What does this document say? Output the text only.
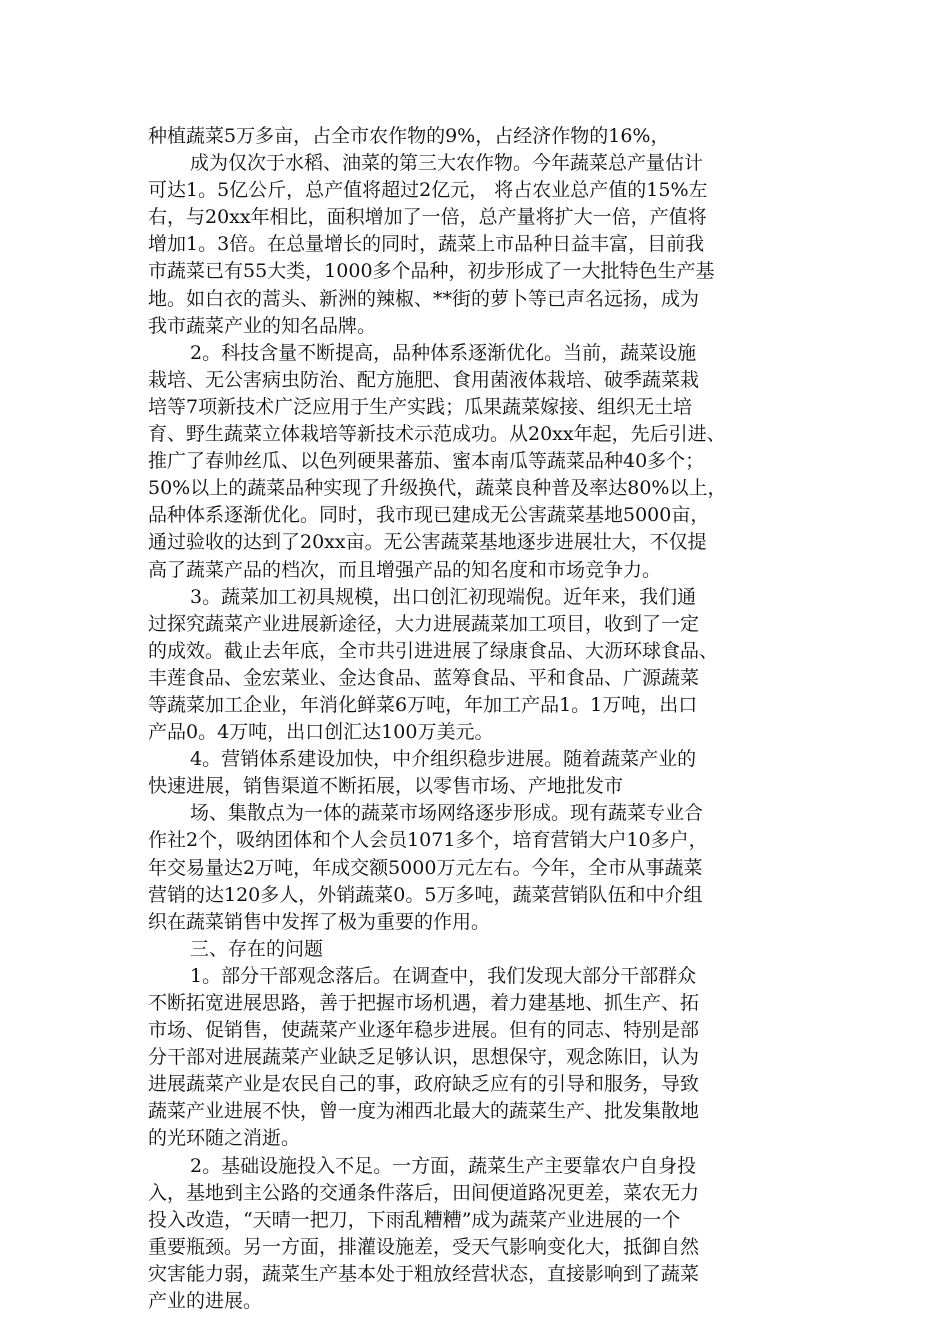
种植蔬菜5万多亩，占全市农作物的9%，占经济作物的16%，
成为仅次于水稻、油菜的第三大农作物。今年蔬菜总产量估计
可达1。5亿公斤，总产值将超过2亿元， 将占农业总产值的15%左
右，与20xx年相比，面积增加了一倍，总产量将扩大一倍，产值将
增加1。3倍。在总量增长的同时，蔬菜上市品种日益丰富，目前我
市蔬菜已有55大类，1000多个品种，初步形成了一大批特色生产基
地。如白衣的蒿头、新洲的辣椒、**街的萝卜等已声名远扬，成为
我市蔬菜产业的知名品牌。
2。科技含量不断提高，品种体系逐渐优化。当前，蔬菜设施
栽培、无公害病虫防治、配方施肥、食用菌液体栽培、破季蔬菜栽
培等7项新技术广泛应用于生产实践；瓜果蔬菜嫁接、组织无土培
育、野生蔬菜立体栽培等新技术示范成功。从20xx年起，先后引进、
推广了春帅丝瓜、以色列硬果蕃茄、蜜本南瓜等蔬菜品种40多个；
50%以上的蔬菜品种实现了升级换代，蔬菜良种普及率达80%以上，
品种体系逐渐优化。同时，我市现已建成无公害蔬菜基地5000亩，
通过验收的达到了20xx亩。无公害蔬菜基地逐步进展壮大，不仅提
高了蔬菜产品的档次，而且增强产品的知名度和市场竞争力。
3。蔬菜加工初具规模，出口创汇初现端倪。近年来，我们通
过探究蔬菜产业进展新途径，大力进展蔬菜加工项目，收到了一定
的成效。截止去年底，全市共引进进展了绿康食品、大沥环球食品、
丰莲食品、金宏菜业、金达食品、蓝筹食品、平和食品、广源蔬菜
等蔬菜加工企业，年消化鲜菜6万吨，年加工产品1。1万吨，出口
产品0。4万吨，出口创汇达100万美元。
4。营销体系建设加快，中介组织稳步进展。随着蔬菜产业的
快速进展，销售渠道不断拓展，以零售市场、产地批发市
场、集散点为一体的蔬菜市场网络逐步形成。现有蔬菜专业合
作社2个，吸纳团体和个人会员1071多个，培育营销大户10多户，
年交易量达2万吨，年成交额5000万元左右。今年，全市从事蔬菜
营销的达120多人，外销蔬菜0。5万多吨，蔬菜营销队伍和中介组
织在蔬菜销售中发挥了极为重要的作用。
三、存在的问题
1。部分干部观念落后。在调查中，我们发现大部分干部群众
不断拓宽进展思路，善于把握市场机遇，着力建基地、抓生产、拓
市场、促销售，使蔬菜产业逐年稳步进展。但有的同志、特别是部
分干部对进展蔬菜产业缺乏足够认识，思想保守，观念陈旧，认为
进展蔬菜产业是农民自己的事，政府缺乏应有的引导和服务，导致
蔬菜产业进展不快，曾一度为湘西北最大的蔬菜生产、批发集散地
的光环随之消逝。
2。基础设施投入不足。一方面，蔬菜生产主要靠农户自身投
入，基地到主公路的交通条件落后，田间便道路况更差，菜农无力
投入改造，“天晴一把刀，下雨乱糟糟”成为蔬菜产业进展的一个
重要瓶颈。另一方面，排灌设施差，受天气影响变化大，抵御自然
灾害能力弱，蔬菜生产基本处于粗放经营状态，直接影响到了蔬菜
产业的进展。
